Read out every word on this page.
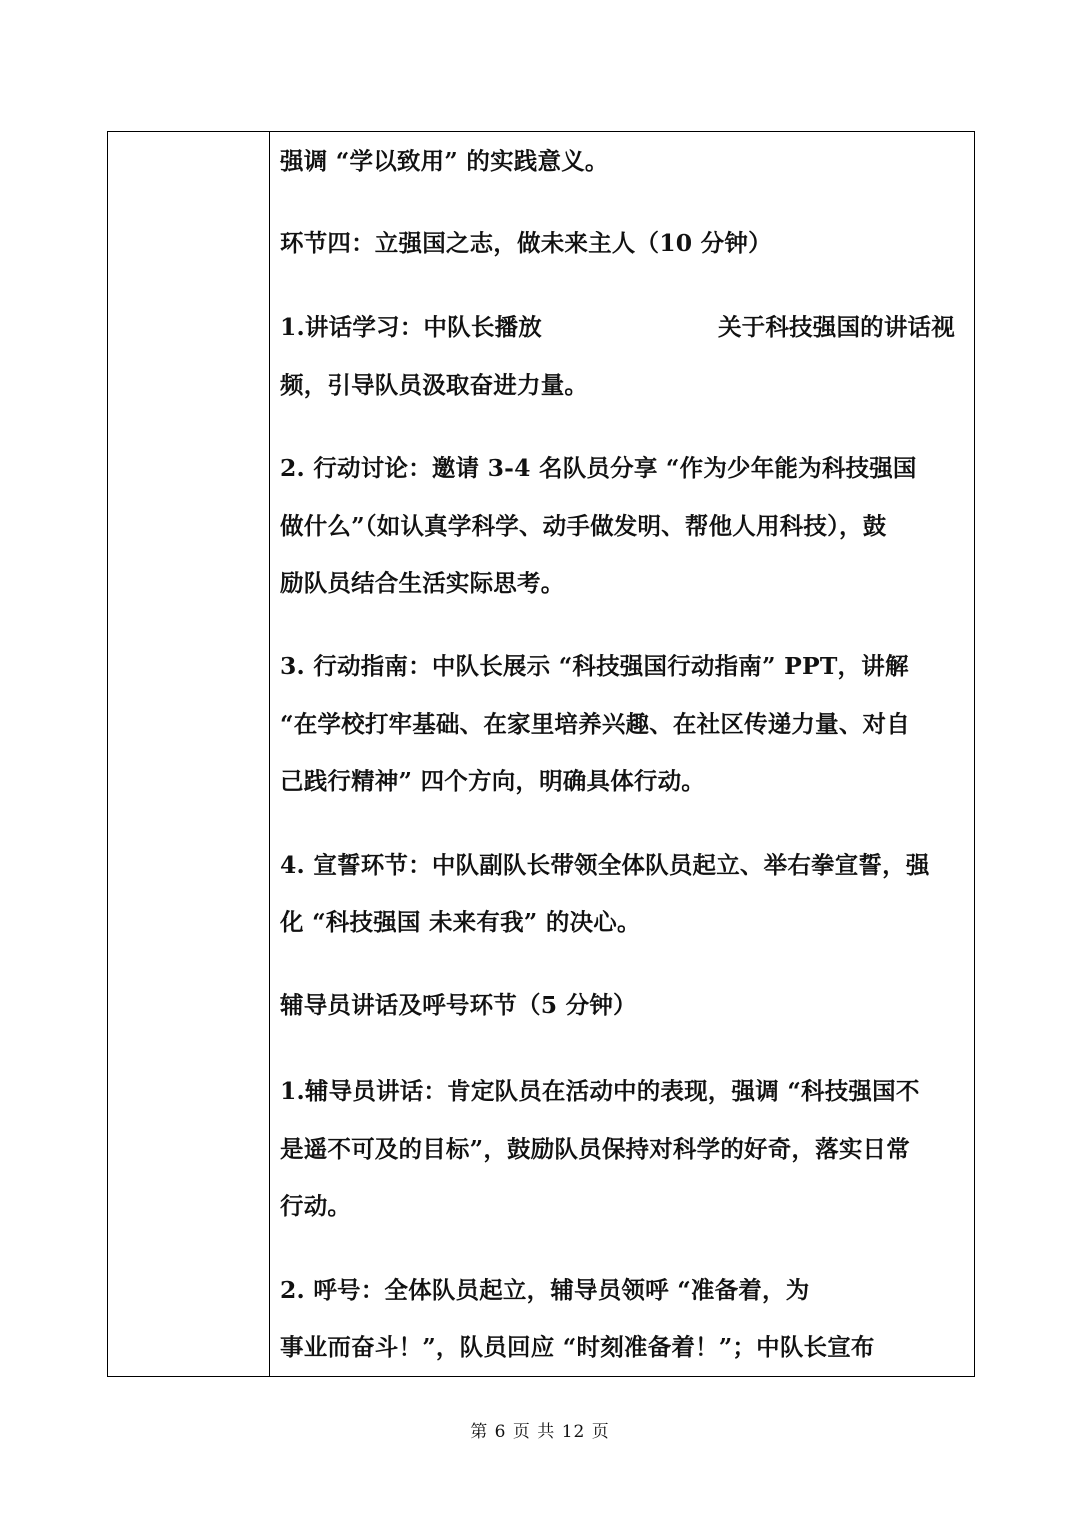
强调 “学以致用” 的实践意义。
环节四：立强国之志，做未来主人（10 分钟）
1.讲话学习：中队长播放                     关于科技强国的讲话视
频，引导队员汲取奋进力量。
2. 行动讨论：邀请 3-4 名队员分享 “作为少年能为科技强国
做什么”（如认真学科学、动手做发明、帮他人用科技），鼓
励队员结合生活实际思考。
3. 行动指南：中队长展示 “科技强国行动指南” PPT，讲解
“在学校打牢基础、在家里培养兴趣、在社区传递力量、对自
己践行精神” 四个方向，明确具体行动。
4. 宣誓环节：中队副队长带领全体队员起立、举右拳宣誓，强
化 “科技强国 未来有我” 的决心。
辅导员讲话及呼号环节（5 分钟）
1.辅导员讲话：肯定队员在活动中的表现，强调 “科技强国不
是遥不可及的目标”，鼓励队员保持对科学的好奇，落实日常
行动。
2. 呼号：全体队员起立，辅导员领呼 “准备着，为
事业而奋斗！”，队员回应 “时刻准备着！”；中队长宣布
第 6 页 共 12 页
